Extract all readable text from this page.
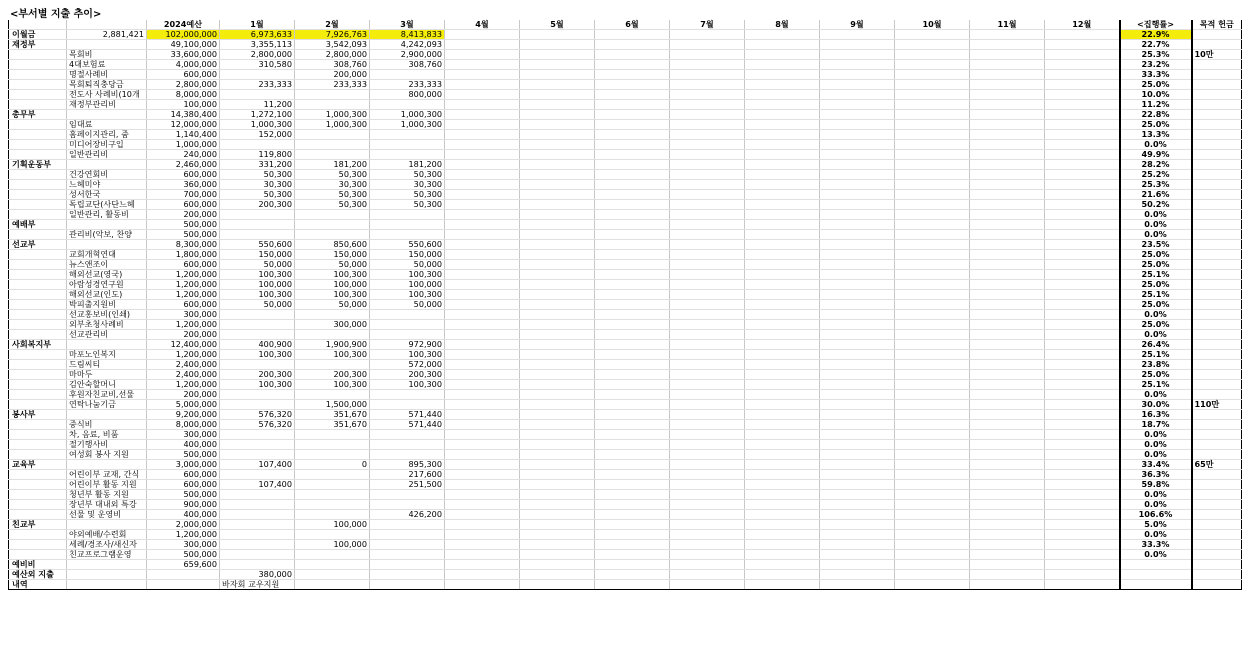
<부서별 지출 추이>
		2024예산	1월	2월	3월	4월	5월	6월	7월	8월	9월	10월	11월	12월	<집행률>	목적 헌금
이월금	2,881,421	102,000,000	6,973,633	7,926,763	8,413,833										22.9%	
재정부		49,100,000	3,355,113	3,542,093	4,242,093										22.7%	
	목회비	33,600,000	2,800,000	2,800,000	2,900,000										25.3%	10만
	4대보험료	4,000,000	310,580	308,760	308,760										23.2%	
	명절사례비	600,000		200,000											33.3%	
	목회퇴직충당금	2,800,000	233,333	233,333	233,333										25.0%	
	전도사 사례비(10개	8,000,000			800,000										10.0%	
	재정부관리비	100,000	11,200												11.2%	
총무부		14,380,400	1,272,100	1,000,300	1,000,300										22.8%	
	임대료	12,000,000	1,000,300	1,000,300	1,000,300										25.0%	
	홈페이지관리, 줌	1,140,400	152,000												13.3%	
	미디어장비구입	1,000,000													0.0%	
	일반관리비	240,000	119,800												49.9%	
기획운동부		2,460,000	331,200	181,200	181,200										28.2%	
	건강연회비	600,000	50,300	50,300	50,300										25.2%	
	느헤미야	360,000	30,300	30,300	30,300										25.3%	
	성서한국	700,000	50,300	50,300	50,300										21.6%	
	독립교단(사단느헤	600,000	200,300	50,300	50,300										50.2%	
	일반관리, 활동비	200,000													0.0%	
예배부		500,000													0.0%	
	관리비(악보, 찬양	500,000													0.0%	
선교부		8,300,000	550,600	850,600	550,600										23.5%	
	교회개혁연대	1,800,000	150,000	150,000	150,000										25.0%	
	뉴스앤조이	600,000	50,000	50,000	50,000										25.0%	
	해외선교(영국)	1,200,000	100,300	100,300	100,300										25.1%	
	아람성경연구원	1,200,000	100,000	100,000	100,000										25.0%	
	해외선교(인도)	1,200,000	100,300	100,300	100,300										25.1%	
	박피출지원비	600,000	50,000	50,000	50,000										25.0%	
	선교홍보비(인쇄)	300,000													0.0%	
	외부초청사례비	1,200,000		300,000											25.0%	
	선교관리비	200,000													0.0%	
사회복지부		12,400,000	400,900	1,900,900	972,900										26.4%	
	마포노인복지	1,200,000	100,300	100,300	100,300										25.1%	
	드림씨티	2,400,000			572,000										23.8%	
	마마두	2,400,000	200,300	200,300	200,300										25.0%	
	김안숙할머니	1,200,000	100,300	100,300	100,300										25.1%	
	후원자친교비,선물	200,000													0.0%	
	연탁나눔기금	5,000,000		1,500,000											30.0%	110만
봉사부		9,200,000	576,320	351,670	571,440										16.3%	
	중식비	8,000,000	576,320	351,670	571,440										18.7%	
	차, 음료, 비품	300,000													0.0%	
	절기행사비	400,000													0.0%	
	여성회 봉사 지원	500,000													0.0%	
교육부		3,000,000	107,400	0	895,300										33.4%	65만
	어린이부 교재, 간식	600,000			217,600										36.3%	
	어린이부 활동 지원	600,000	107,400		251,500										59.8%	
	청년부 활동 지원	500,000													0.0%	
	장년부 대내외 특강	900,000													0.0%	
	선물 및 운영비	400,000			426,200										106.6%	
친교부		2,000,000		100,000											5.0%	
	야외예배/수련회	1,200,000													0.0%	
	세례/경조사/새신자	300,000		100,000											33.3%	
	친교프로그램운영	500,000													0.0%	
예비비		659,600														
예산외 지출			380,000													
내역			바자회 교우지원													
